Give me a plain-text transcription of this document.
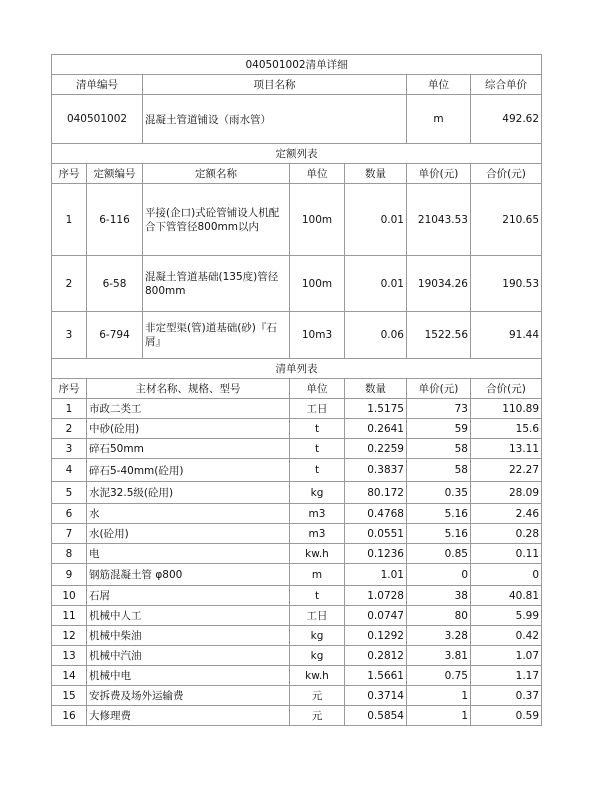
040501002清单详细						
清单编号		项目名称			单位	综合单价
040501002		混凝土管道铺设（雨水管）			m	492.62
定额列表						
序号	定额编号	定额名称	单位	数量	单价(元)	合价(元)
1	6-116	平接(企口)式砼管铺设人机配合下管管径800mm以内	100m	0.01	21043.53	210.65
2	6-58	混凝土管道基础(135度)管径800mm	100m	0.01	19034.26	190.53
3	6-794	非定型渠(管)道基础(砂)『石屑』	10m3	0.06	1522.56	91.44
清单列表						
序号	主材名称、规格、型号		单位	数量	单价(元)	合价(元)
1	市政二类工		工日	1.5175	73	110.89
2	中砂(砼用)		t	0.2641	59	15.6
3	碎石50mm		t	0.2259	58	13.11
4	碎石5-40mm(砼用)		t	0.3837	58	22.27
5	水泥32.5级(砼用)		kg	80.172	0.35	28.09
6	水		m3	0.4768	5.16	2.46
7	水(砼用)		m3	0.0551	5.16	0.28
8	电		kw.h	0.1236	0.85	0.11
9	钢筋混凝土管 φ800		m	1.01	0	0
10	石屑		t	1.0728	38	40.81
11	机械中人工		工日	0.0747	80	5.99
12	机械中柴油		kg	0.1292	3.28	0.42
13	机械中汽油		kg	0.2812	3.81	1.07
14	机械中电		kw.h	1.5661	0.75	1.17
15	安拆费及场外运输费		元	0.3714	1	0.37
16	大修理费		元	0.5854	1	0.59
